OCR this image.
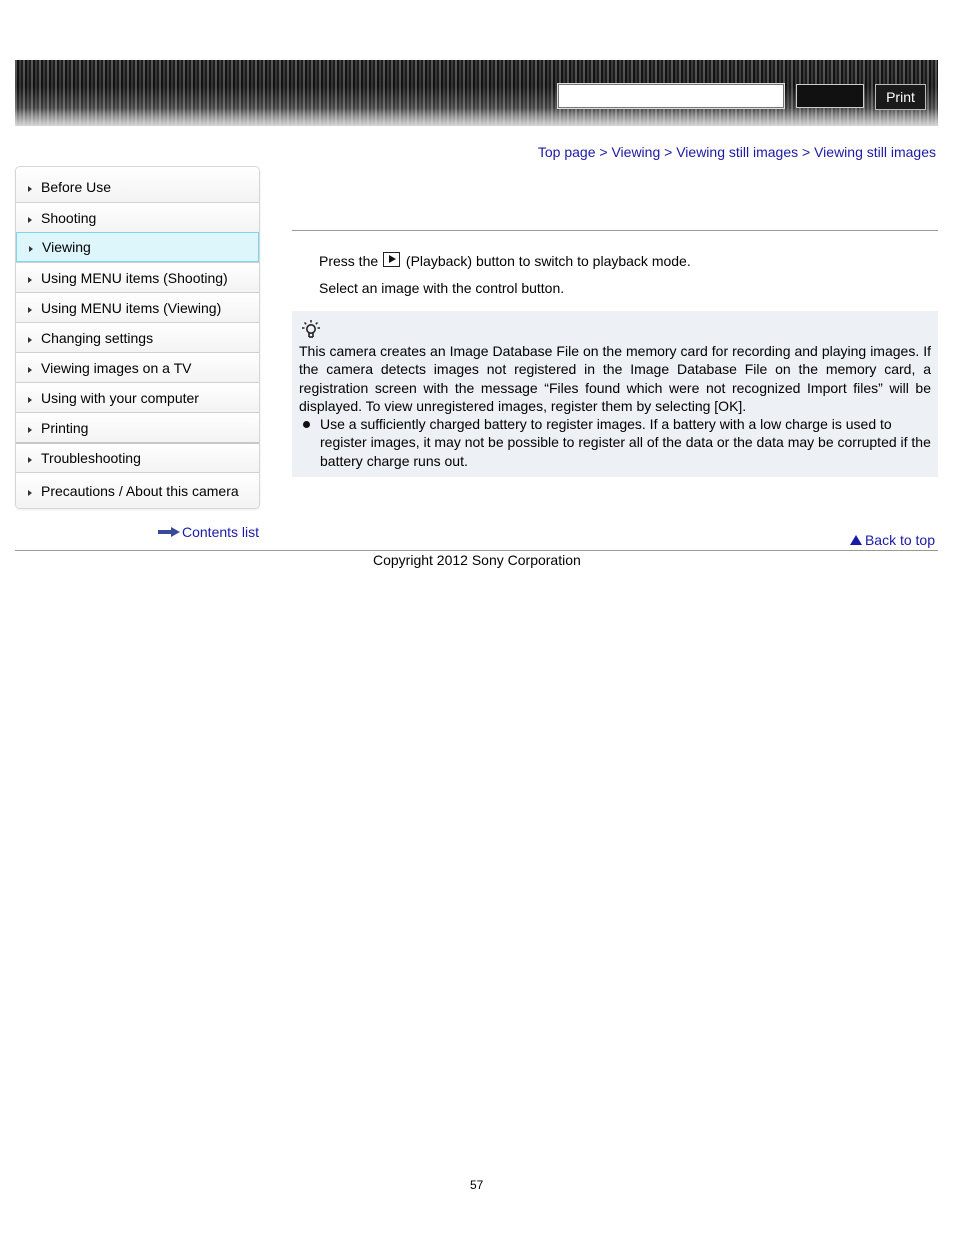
Print
Top page > Viewing > Viewing still images > Viewing still images
Before Use
Shooting
Viewing
Using MENU items (Shooting)
Using MENU items (Viewing)
Changing settings
Viewing images on a TV
Using with your computer
Printing
Troubleshooting
Precautions / About this camera
Contents list
Press the (Playback) button to switch to playback mode.
Select an image with the control button.
This camera creates an Image Database File on the memory card for recording and playing images. If the camera detects images not registered in the Image Database File on the memory card, a registration screen with the message “Files found which were not recognized Import files” will be displayed. To view unregistered images, register them by selecting [OK].
Use a sufficiently charged battery to register images. If a battery with a low charge is used to register images, it may not be possible to register all of the data or the data may be corrupted if the battery charge runs out.
Back to top
Copyright 2012 Sony Corporation
57
